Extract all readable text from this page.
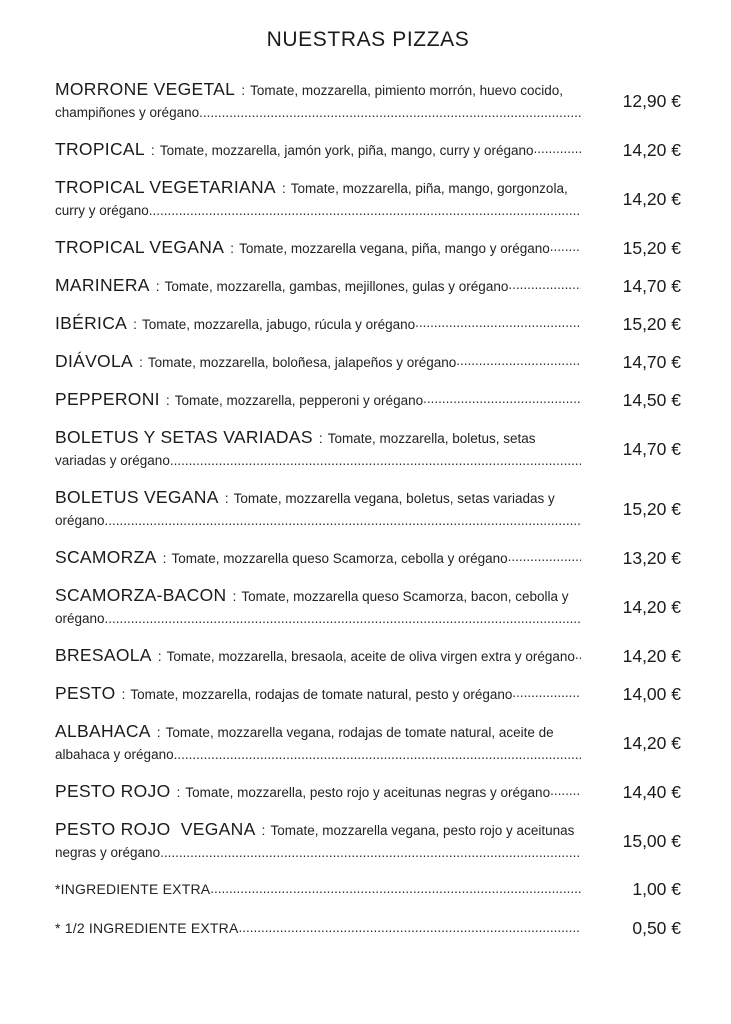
NUESTRAS PIZZAS
MORRONE VEGETAL : Tomate, mozzarella, pimiento morrón, huevo cocido, champiñones y orégano
12,90 €
TROPICAL : Tomate, mozzarella, jamón york, piña, mango, curry y orégano	14,20 €
TROPICAL VEGETARIANA : Tomate, mozzarella, piña, mango, gorgonzola, curry y orégano
14,20 €
TROPICAL VEGANA : Tomate, mozzarella vegana, piña, mango y orégano	15,20 €
MARINERA : Tomate, mozzarella, gambas, mejillones, gulas y orégano	14,70 €
IBÉRICA : Tomate, mozzarella, jabugo, rúcula y orégano	15,20 €
DIÁVOLA : Tomate, mozzarella, boloñesa, jalapeños y orégano	14,70 €
PEPPERONI : Tomate, mozzarella, pepperoni y orégano	14,50 €
BOLETUS Y SETAS VARIADAS : Tomate, mozzarella, boletus, setas variadas y orégano
14,70 €
BOLETUS VEGANA : Tomate, mozzarella vegana, boletus, setas variadas y orégano
15,20 €
SCAMORZA : Tomate, mozzarella queso Scamorza, cebolla y orégano	13,20 €
SCAMORZA-BACON : Tomate, mozzarella queso Scamorza, bacon, cebolla y orégano
14,20 €
BRESAOLA : Tomate, mozzarella, bresaola, aceite de oliva virgen extra y orégano	14,20 €
PESTO : Tomate, mozzarella, rodajas de tomate natural, pesto y orégano	14,00 €
ALBAHACA : Tomate, mozzarella vegana, rodajas de tomate natural, aceite de albahaca y orégano
14,20 €
PESTO ROJO : Tomate, mozzarella, pesto rojo y aceitunas negras y orégano	14,40 €
PESTO ROJO  VEGANA : Tomate, mozzarella vegana, pesto rojo y aceitunas negras y orégano
15,00 €
*INGREDIENTE EXTRA	1,00 €
* 1/2 INGREDIENTE EXTRA	0,50 €
